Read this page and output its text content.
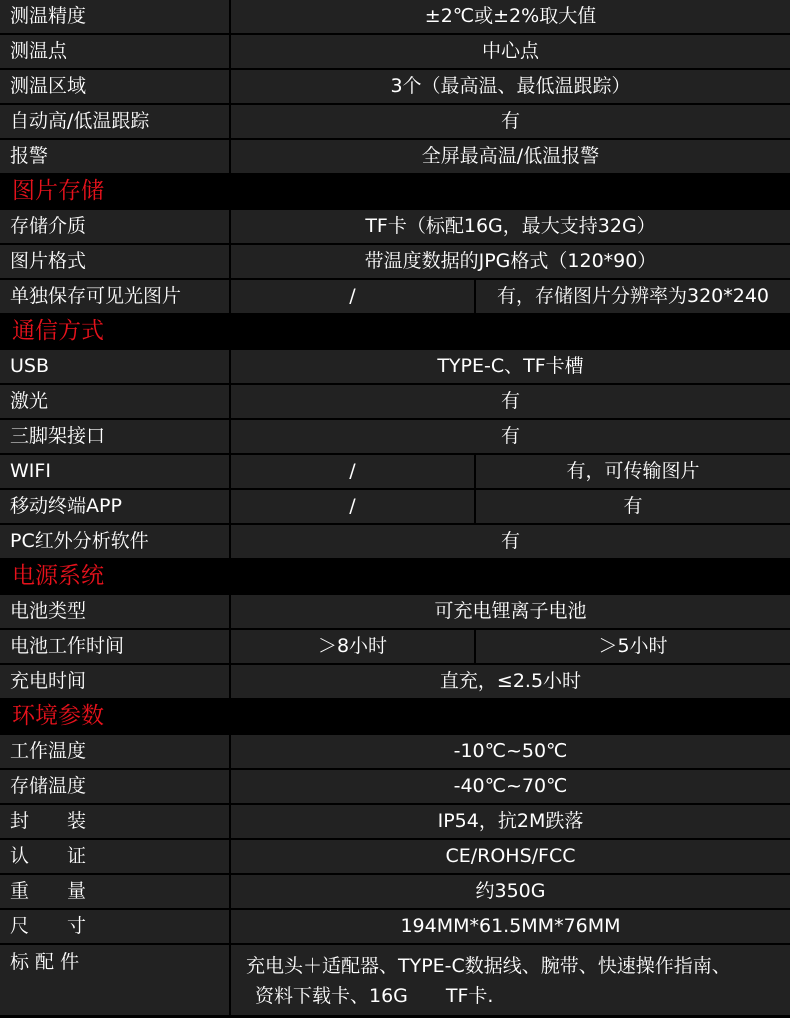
测温精度	±2℃或±2%取大值
测温点	中心点
测温区域	3个（最高温、最低温跟踪）
自动高/低温跟踪	有
报警	全屏最高温/低温报警
图片存储
存储介质	TF卡（标配16G，最大支持32G）
图片格式	带温度数据的JPG格式（120*90）
单独保存可见光图片	/	有，存储图片分辨率为320*240
通信方式
USB	TYPE-C、TF卡槽
激光	有
三脚架接口	有
WIFI	/	有，可传输图片
移动终端APP	/	有
PC红外分析软件	有
电源系统
电池类型	可充电锂离子电池
电池工作时间	＞8小时	＞5小时
充电时间	直充，≤2.5小时
环境参数
工作温度	-10℃~50℃
存储温度	-40℃~70℃
封　　装	IP54，抗2M跌落
认　　证	CE/ROHS/FCC
重　　量	约350G
尺　　寸	194MM*61.5MM*76MM
标 配 件	充电头＋适配器、TYPE-C数据线、腕带、快速操作指南、
资料下载卡、16G　　TF卡.
